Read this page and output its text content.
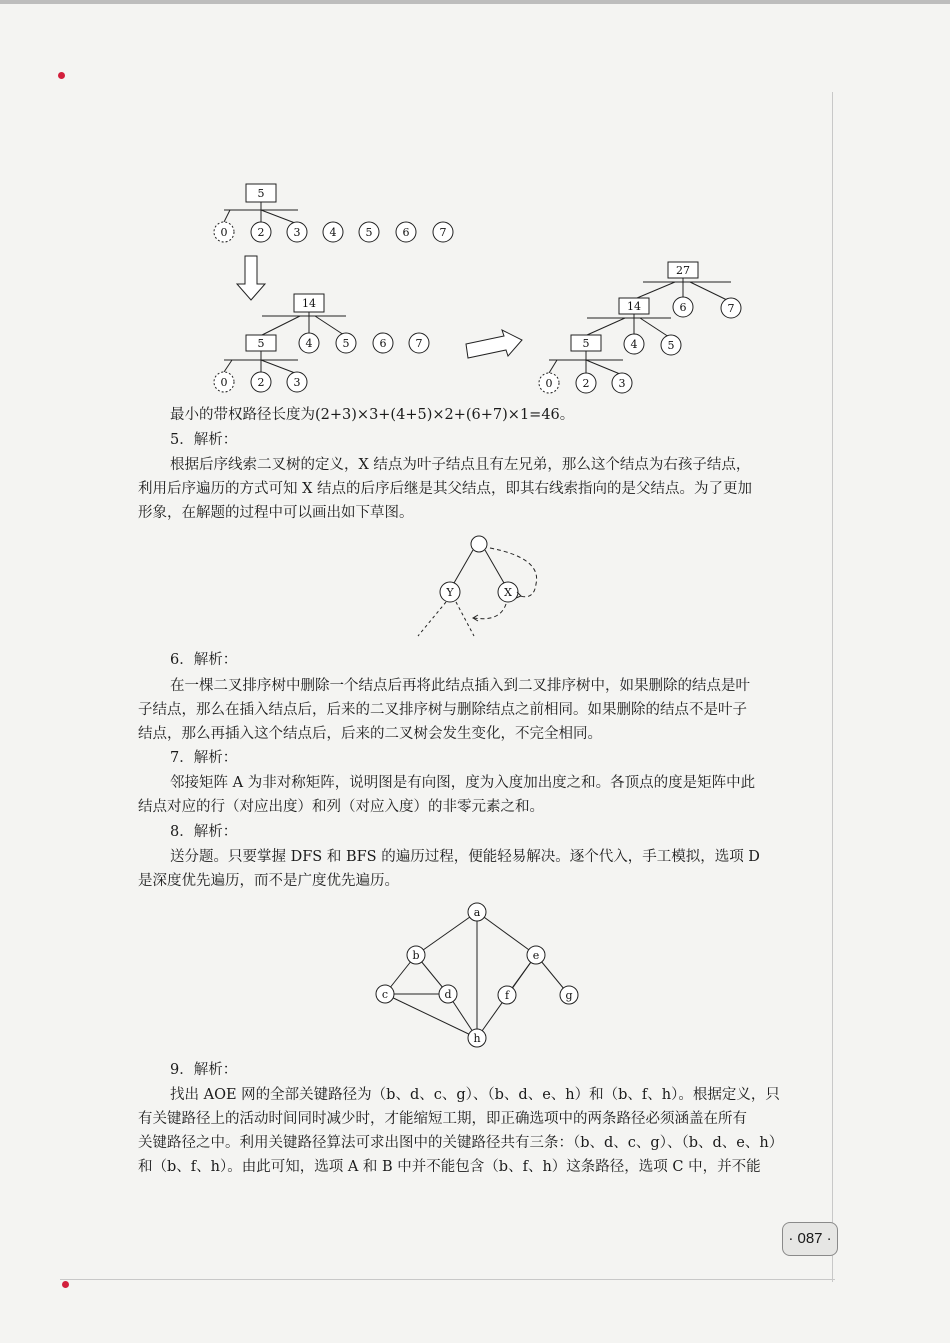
5
0	2	3	4	5	6	7
14
5	4	5	6	7
0	2	3
27
14	6	7
5	4	5
0	2	3
最小的带权路径长度为(2+3)×3+(4+5)×2+(6+7)×1=46。
5．解析：
根据后序线索二叉树的定义，X 结点为叶子结点且有左兄弟，那么这个结点为右孩子结点，
利用后序遍历的方式可知 X 结点的后序后继是其父结点，即其右线索指向的是父结点。为了更加
形象，在解题的过程中可以画出如下草图。
Y	X
6．解析：
在一棵二叉排序树中删除一个结点后再将此结点插入到二叉排序树中，如果删除的结点是叶
子结点，那么在插入结点后，后来的二叉排序树与删除结点之前相同。如果删除的结点不是叶子
结点，那么再插入这个结点后，后来的二叉树会发生变化，不完全相同。
7．解析：
邻接矩阵 A 为非对称矩阵，说明图是有向图，度为入度加出度之和。各顶点的度是矩阵中此
结点对应的行（对应出度）和列（对应入度）的非零元素之和。
8．解析：
送分题。只要掌握 DFS 和 BFS 的遍历过程，便能轻易解决。逐个代入，手工模拟，选项 D
是深度优先遍历，而不是广度优先遍历。
a
b	e
c	d	f	g
h
9．解析：
找出 AOE 网的全部关键路径为（b、d、c、g）、（b、d、e、h）和（b、f、h）。根据定义，只
有关键路径上的活动时间同时减少时，才能缩短工期，即正确选项中的两条路径必须涵盖在所有
关键路径之中。利用关键路径算法可求出图中的关键路径共有三条：（b、d、c、g）、（b、d、e、h）
和（b、f、h）。由此可知，选项 A 和 B 中并不能包含（b、f、h）这条路径，选项 C 中，并不能
· 087 ·
